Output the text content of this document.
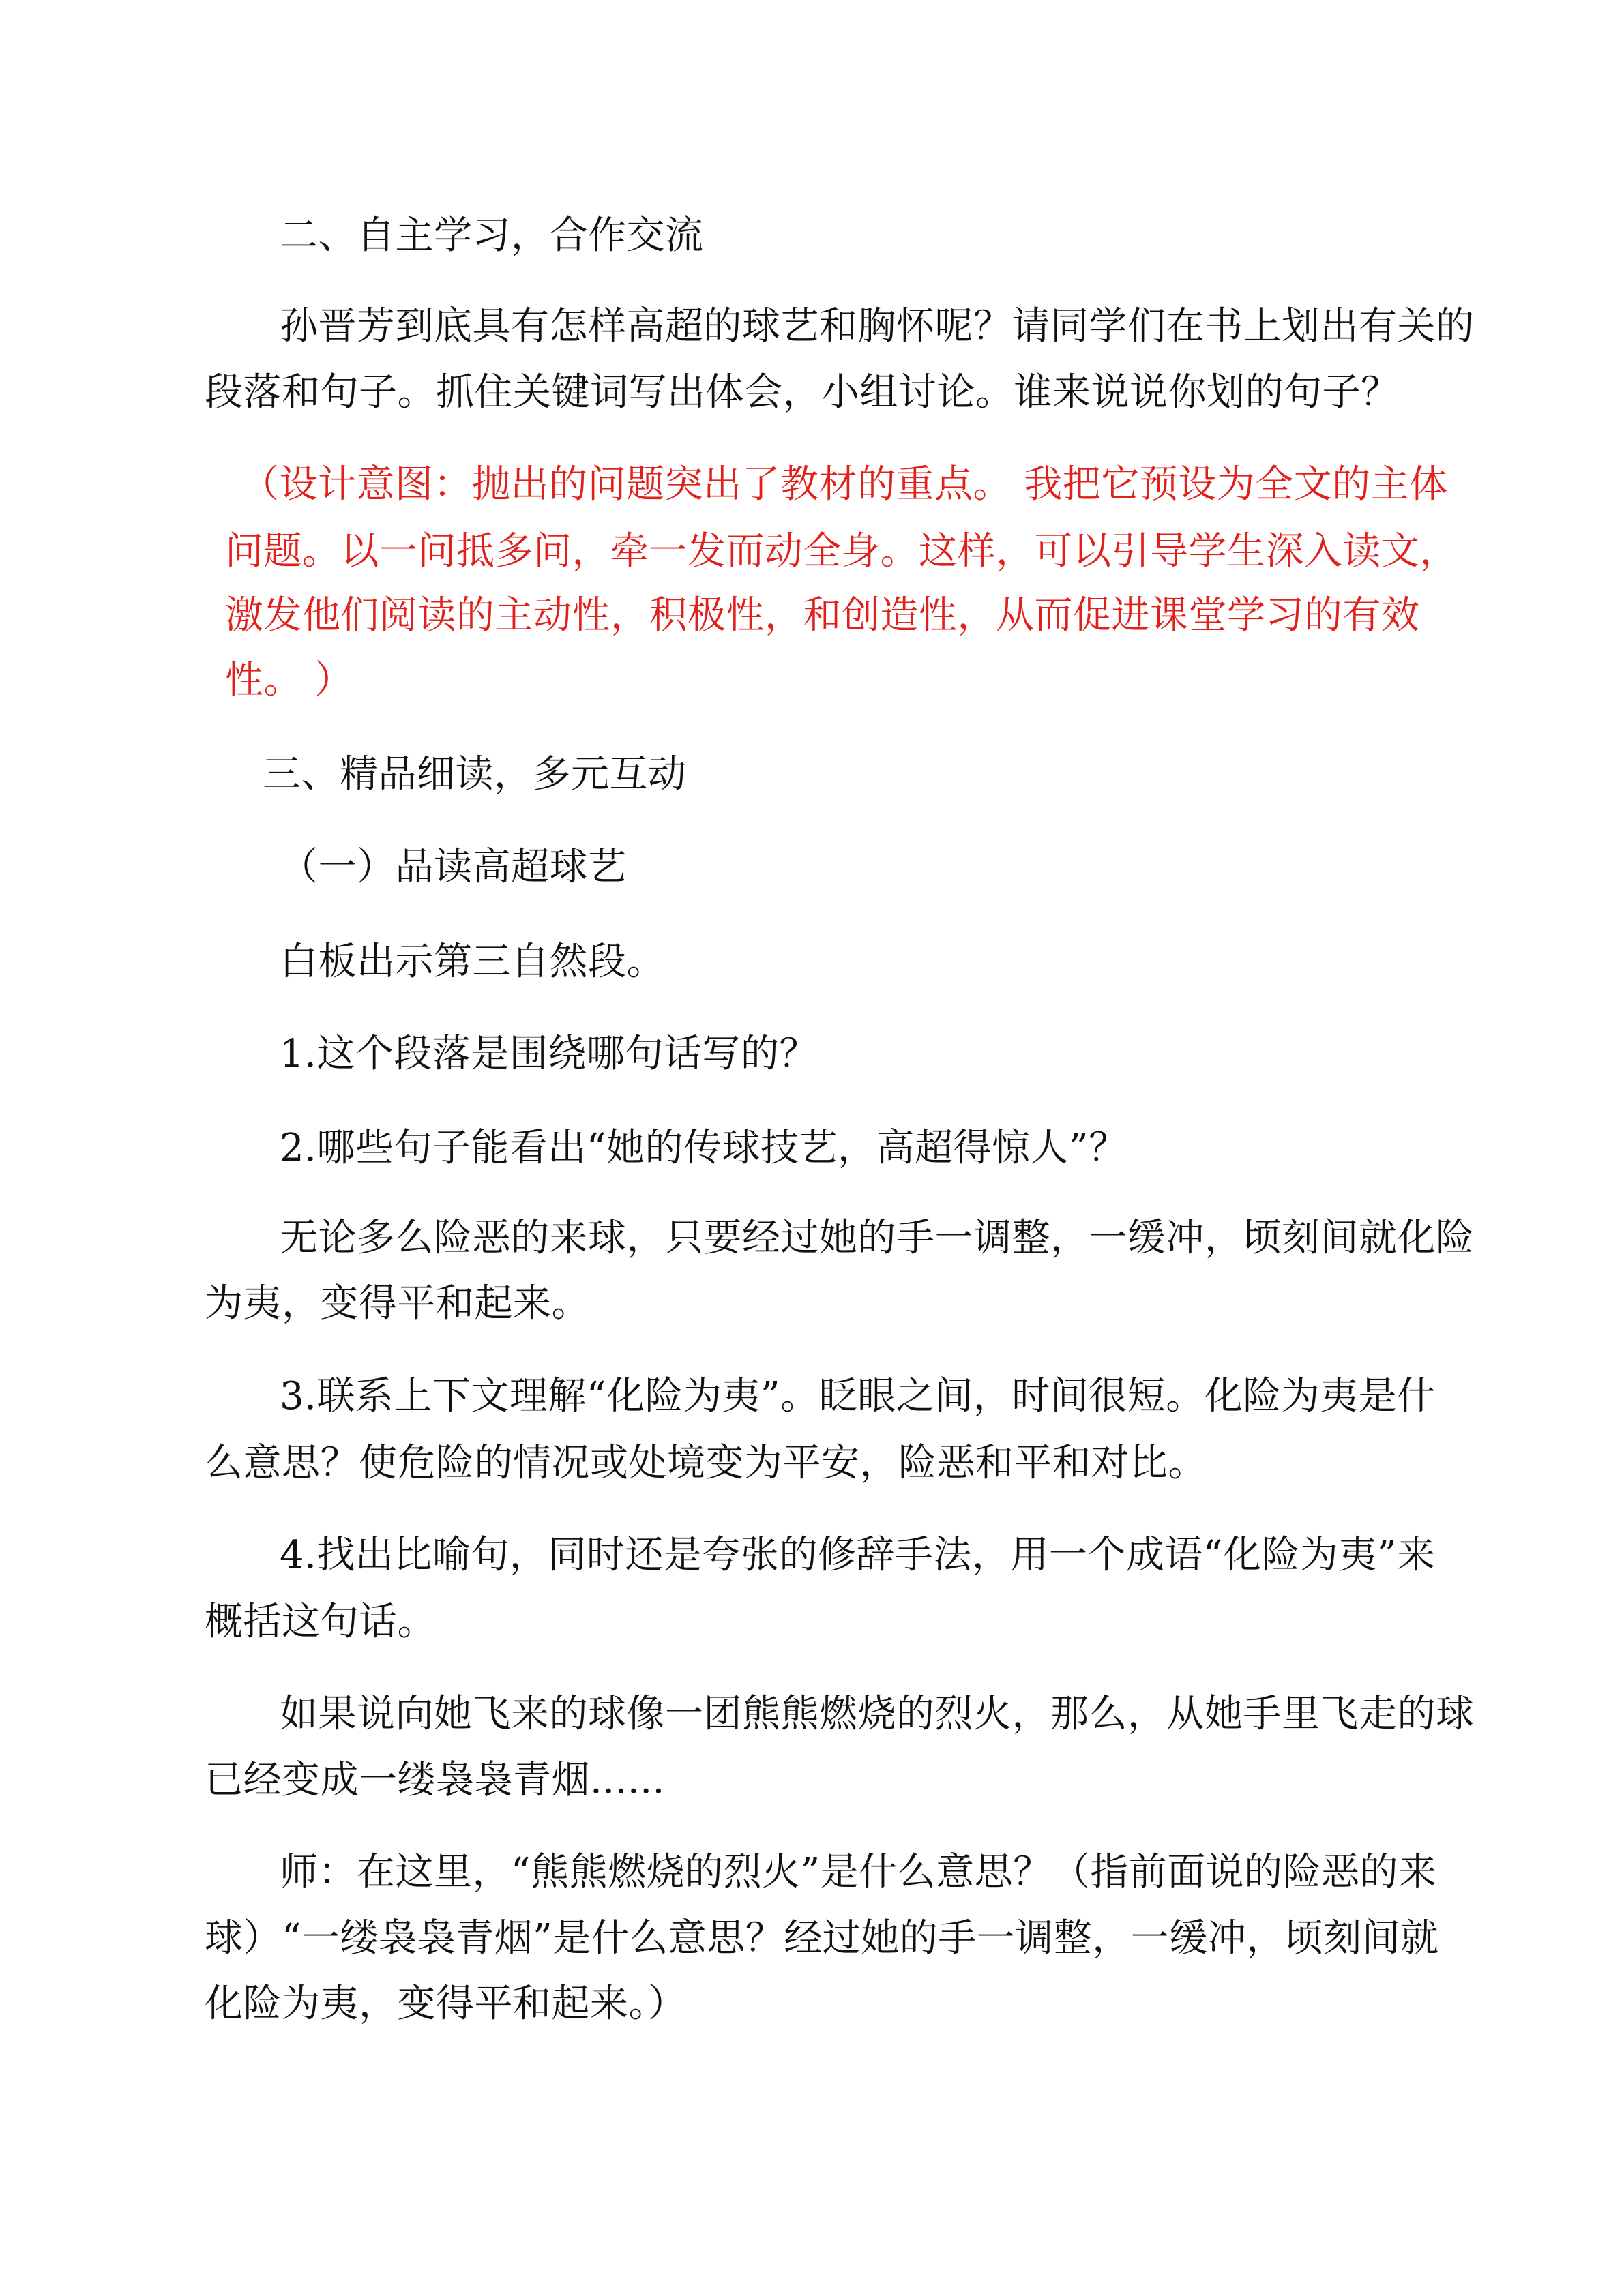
二、自主学习，合作交流
孙晋芳到底具有怎样高超的球艺和胸怀呢？请同学们在书上划出有关的
段落和句子。抓住关键词写出体会，小组讨论。谁来说说你划的句子？
（设计意图：抛出的问题突出了教材的重点。 我把它预设为全文的主体
问题。以一问抵多问，牵一发而动全身。这样，可以引导学生深入读文，
激发他们阅读的主动性，积极性，和创造性，从而促进课堂学习的有效
性。 ）
三、精品细读，多元互动
（一）品读高超球艺
白板出示第三自然段。
1.这个段落是围绕哪句话写的？
2.哪些句子能看出“她的传球技艺，高超得惊人”？
无论多么险恶的来球，只要经过她的手一调整，一缓冲，顷刻间就化险
为夷，变得平和起来。
3.联系上下文理解“化险为夷”。眨眼之间，时间很短。化险为夷是什
么意思？使危险的情况或处境变为平安，险恶和平和对比。
4.找出比喻句，同时还是夸张的修辞手法，用一个成语“化险为夷”来
概括这句话。
如果说向她飞来的球像一团熊熊燃烧的烈火，那么，从她手里飞走的球
已经变成一缕袅袅青烟......
师：在这里，“熊熊燃烧的烈火”是什么意思？（指前面说的险恶的来
球）“一缕袅袅青烟”是什么意思？经过她的手一调整，一缓冲，顷刻间就
化险为夷，变得平和起来。）
